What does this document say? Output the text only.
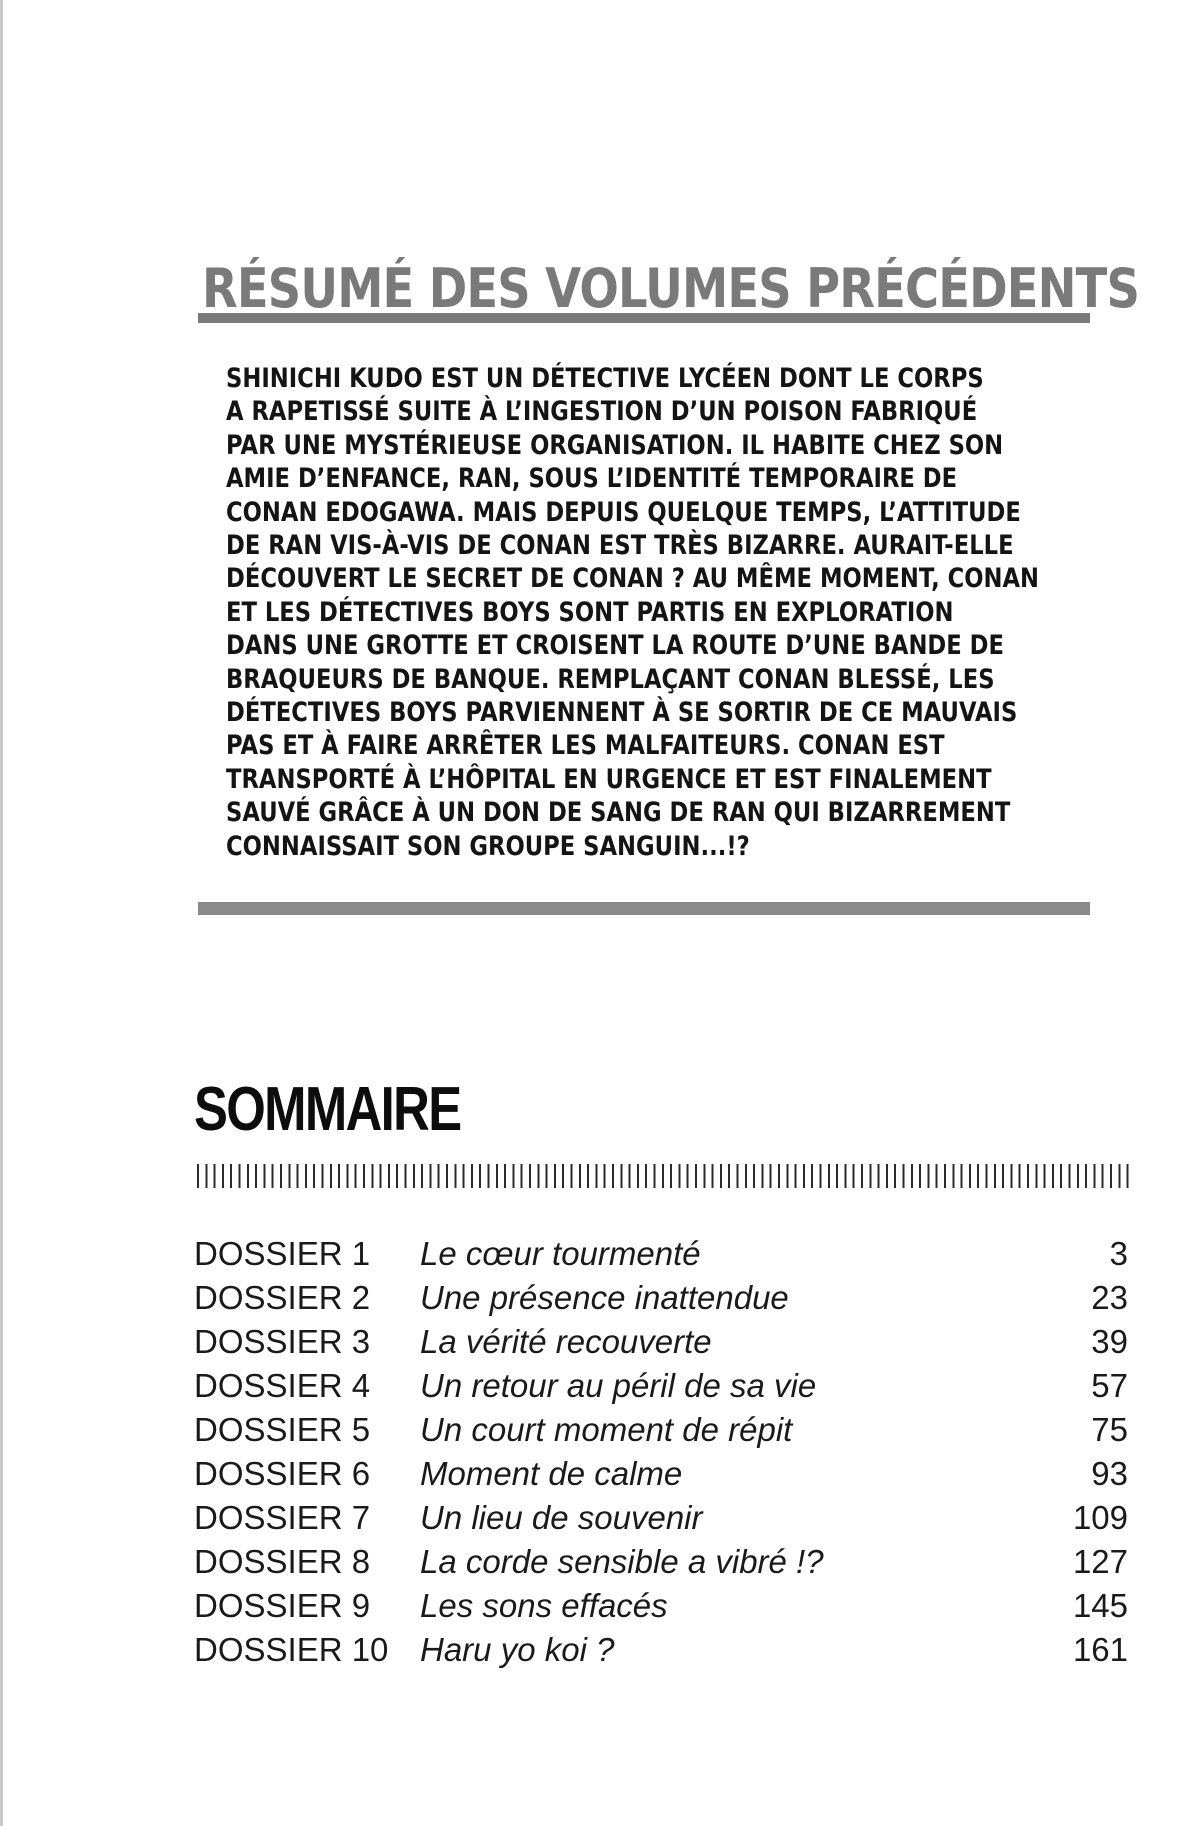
RÉSUMÉ DES VOLUMES PRÉCÉDENTS

SHINICHI KUDO EST UN DÉTECTIVE LYCÉEN DONT LE CORPS
A RAPETISSÉ SUITE À L’INGESTION D’UN POISON FABRIQUÉ
PAR UNE MYSTÉRIEUSE ORGANISATION. IL HABITE CHEZ SON
AMIE D’ENFANCE, RAN, SOUS L’IDENTITÉ TEMPORAIRE DE
CONAN EDOGAWA. MAIS DEPUIS QUELQUE TEMPS, L’ATTITUDE
DE RAN VIS-À-VIS DE CONAN EST TRÈS BIZARRE. AURAIT-ELLE
DÉCOUVERT LE SECRET DE CONAN ? AU MÊME MOMENT, CONAN
ET LES DÉTECTIVES BOYS SONT PARTIS EN EXPLORATION
DANS UNE GROTTE ET CROISENT LA ROUTE D’UNE BANDE DE
BRAQUEURS DE BANQUE. REMPLAÇANT CONAN BLESSÉ, LES
DÉTECTIVES BOYS PARVIENNENT À SE SORTIR DE CE MAUVAIS
PAS ET À FAIRE ARRÊTER LES MALFAITEURS. CONAN EST
TRANSPORTÉ À L’HÔPITAL EN URGENCE ET EST FINALEMENT
SAUVÉ GRÂCE À UN DON DE SANG DE RAN QUI BIZARREMENT
CONNAISSAIT SON GROUPE SANGUIN...!?

SOMMAIRE
DOSSIER 1 Le cœur tourmenté	3
DOSSIER 2 Une présence inattendue	23
DOSSIER 3 La vérité recouverte	39
DOSSIER 4 Un retour au péril de sa vie	57
DOSSIER 5 Un court moment de répit	75
DOSSIER 6 Moment de calme	93
DOSSIER 7 Un lieu de souvenir	109
DOSSIER 8 La corde sensible a vibré !?	127
DOSSIER 9 Les sons effacés	145
DOSSIER 10 Haru yo koi ?	161
